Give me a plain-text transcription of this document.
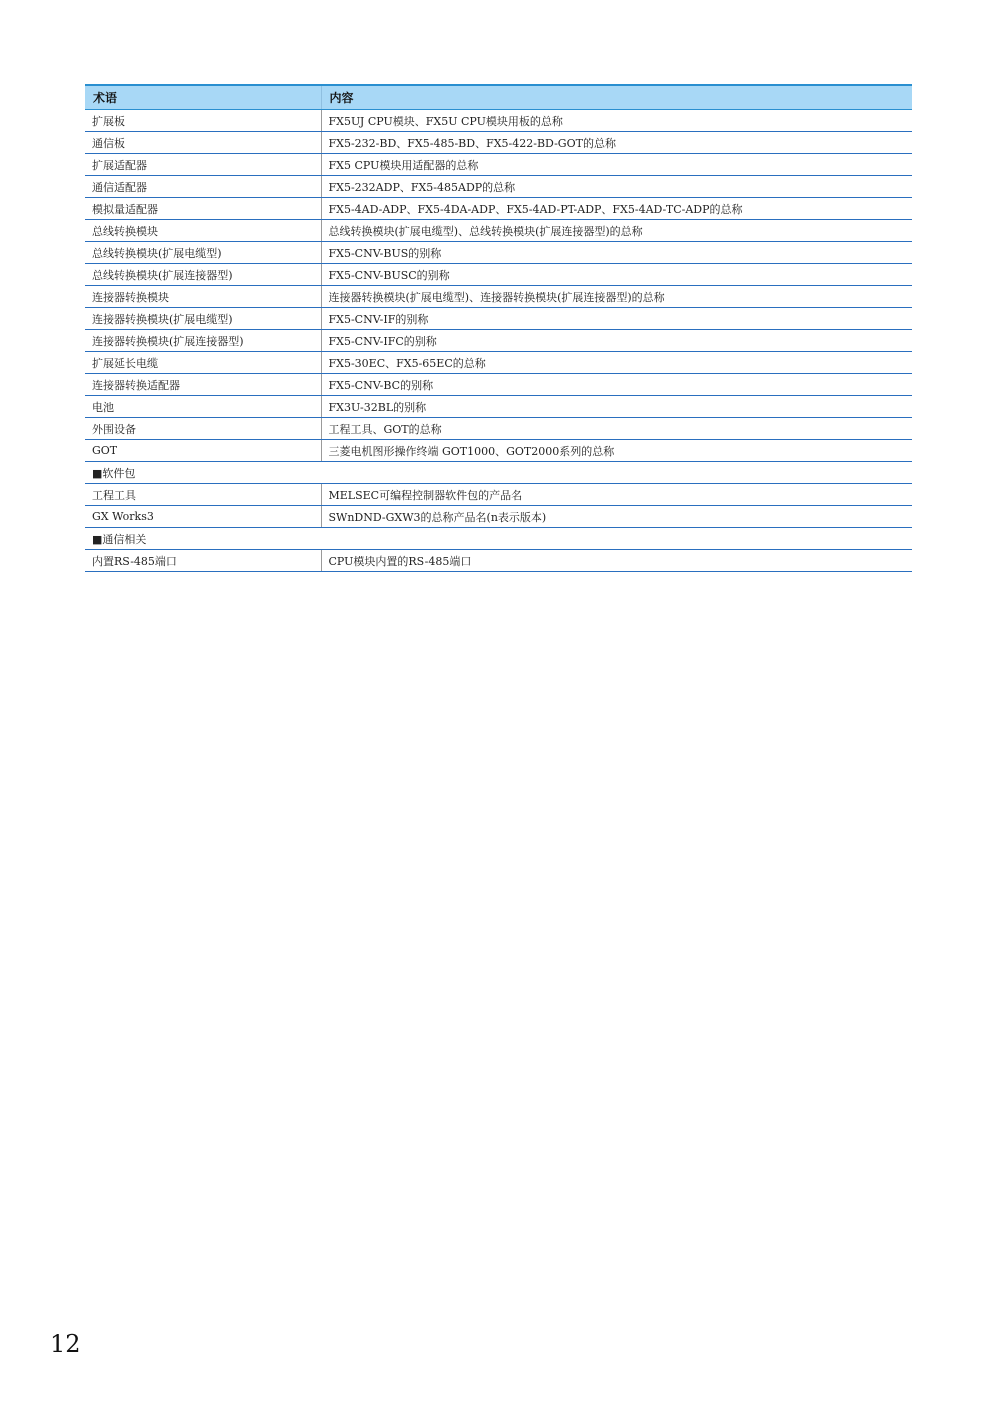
术语	内容
扩展板	FX5UJ CPU模块、FX5U CPU模块用板的总称
通信板	FX5-232-BD、FX5-485-BD、FX5-422-BD-GOT的总称
扩展适配器	FX5 CPU模块用适配器的总称
通信适配器	FX5-232ADP、FX5-485ADP的总称
模拟量适配器	FX5-4AD-ADP、FX5-4DA-ADP、FX5-4AD-PT-ADP、FX5-4AD-TC-ADP的总称
总线转换模块	总线转换模块(扩展电缆型)、总线转换模块(扩展连接器型)的总称
总线转换模块(扩展电缆型)	FX5-CNV-BUS的别称
总线转换模块(扩展连接器型)	FX5-CNV-BUSC的别称
连接器转换模块	连接器转换模块(扩展电缆型)、连接器转换模块(扩展连接器型)的总称
连接器转换模块(扩展电缆型)	FX5-CNV-IF的别称
连接器转换模块(扩展连接器型)	FX5-CNV-IFC的别称
扩展延长电缆	FX5-30EC、FX5-65EC的总称
连接器转换适配器	FX5-CNV-BC的别称
电池	FX3U-32BL的别称
外围设备	工程工具、GOT的总称
GOT	三菱电机图形操作终端 GOT1000、GOT2000系列的总称
■软件包	
工程工具	MELSEC可编程控制器软件包的产品名
GX Works3	SWnDND-GXW3的总称产品名(n表示版本)
■通信相关	
内置RS-485端口	CPU模块内置的RS-485端口
12
